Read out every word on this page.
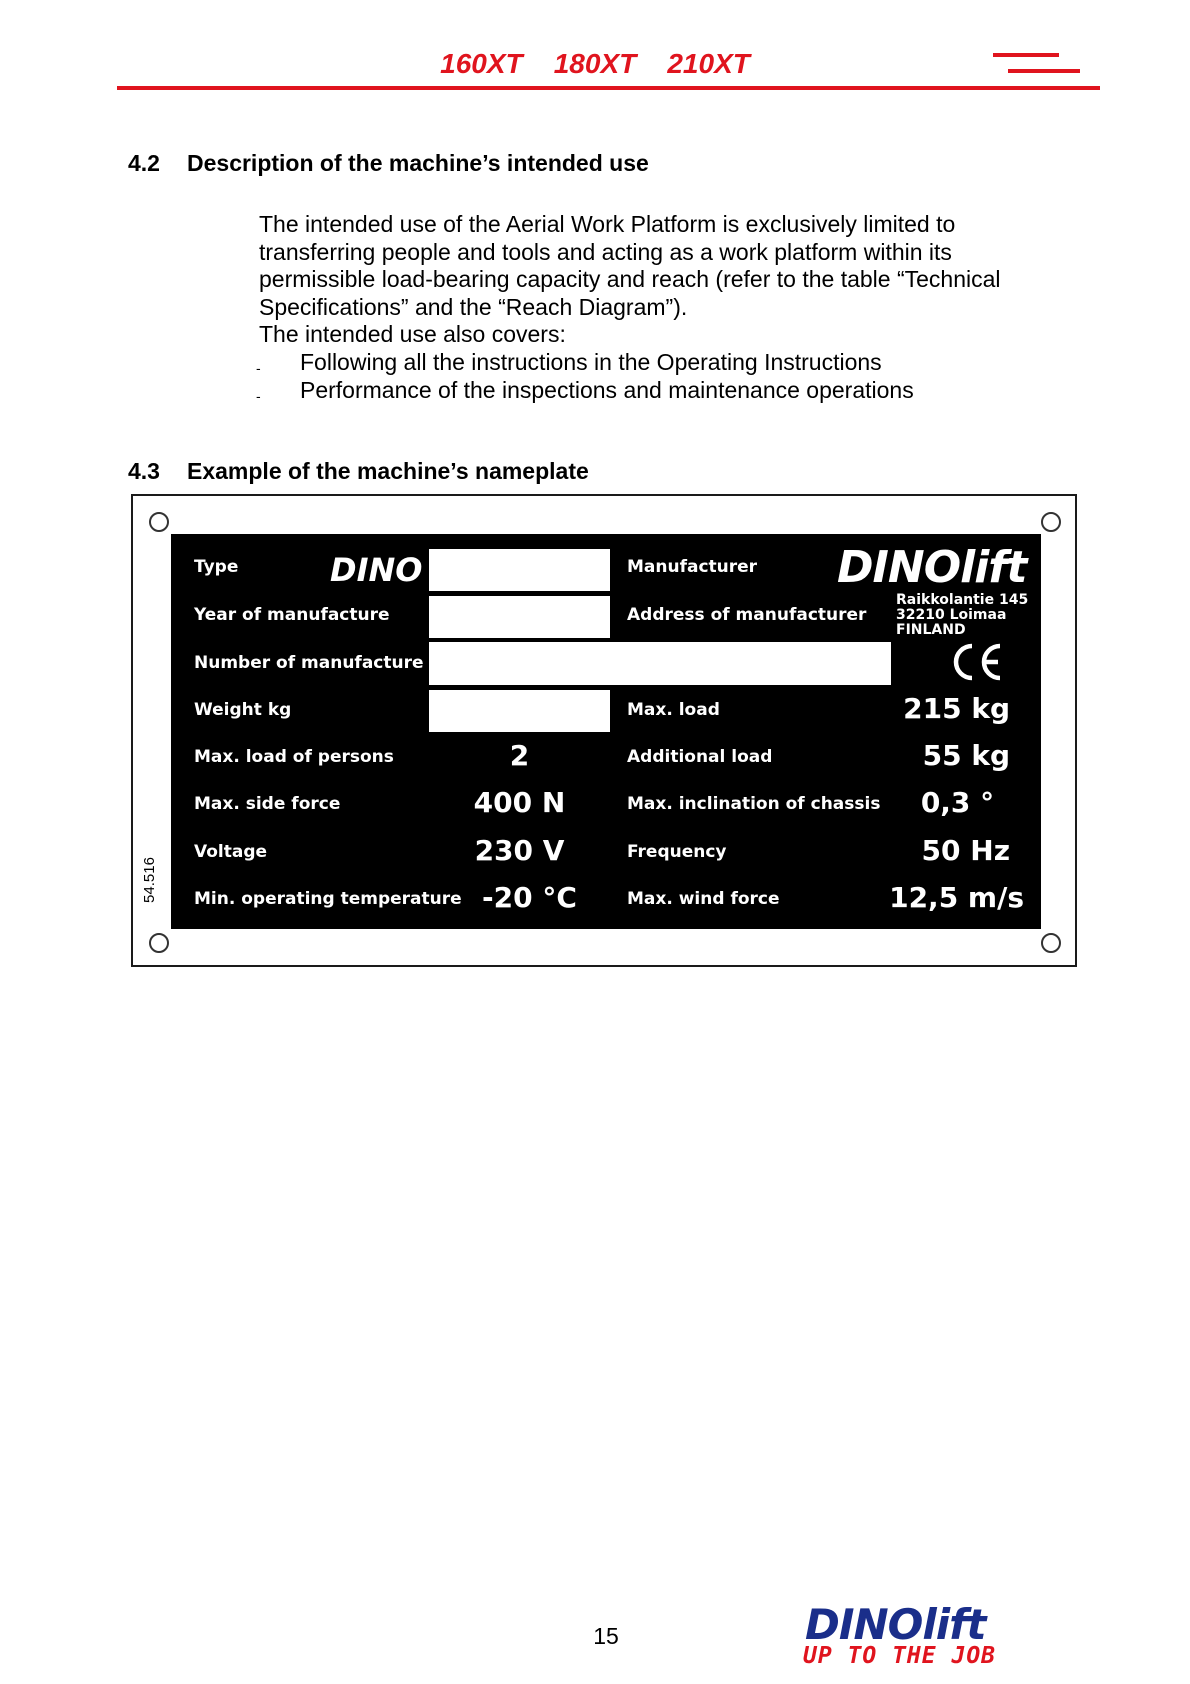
160XT    180XT    210XT
4.2 Description of the machine’s intended use
The intended use of the Aerial Work Platform is exclusively limited to
transferring people and tools and acting as a work platform within its
permissible load-bearing capacity and reach (refer to the table “Technical
Specifications” and the “Reach Diagram”).
The intended use also covers:
- Following all the instructions in the Operating Instructions
- Performance of the inspections and maintenance operations
4.3 Example of the machine’s nameplate
54.516
Type	DINO
Year of manufacture
Number of manufacture
Weight kg
Max. load of persons
Max. side force
Voltage
Min. operating temperature
2
400 N
230 V
-20 °C
Manufacturer DINOlift
Address of manufacturer
Raikkolantie 145
32210 Loimaa
FINLAND
Max. load
Additional load
Max. inclination of chassis
Frequency
Max. wind force
215 kg
55 kg
0,3 °
50 Hz
12,5 m/s
15	DINOlift
UP TO THE JOB
